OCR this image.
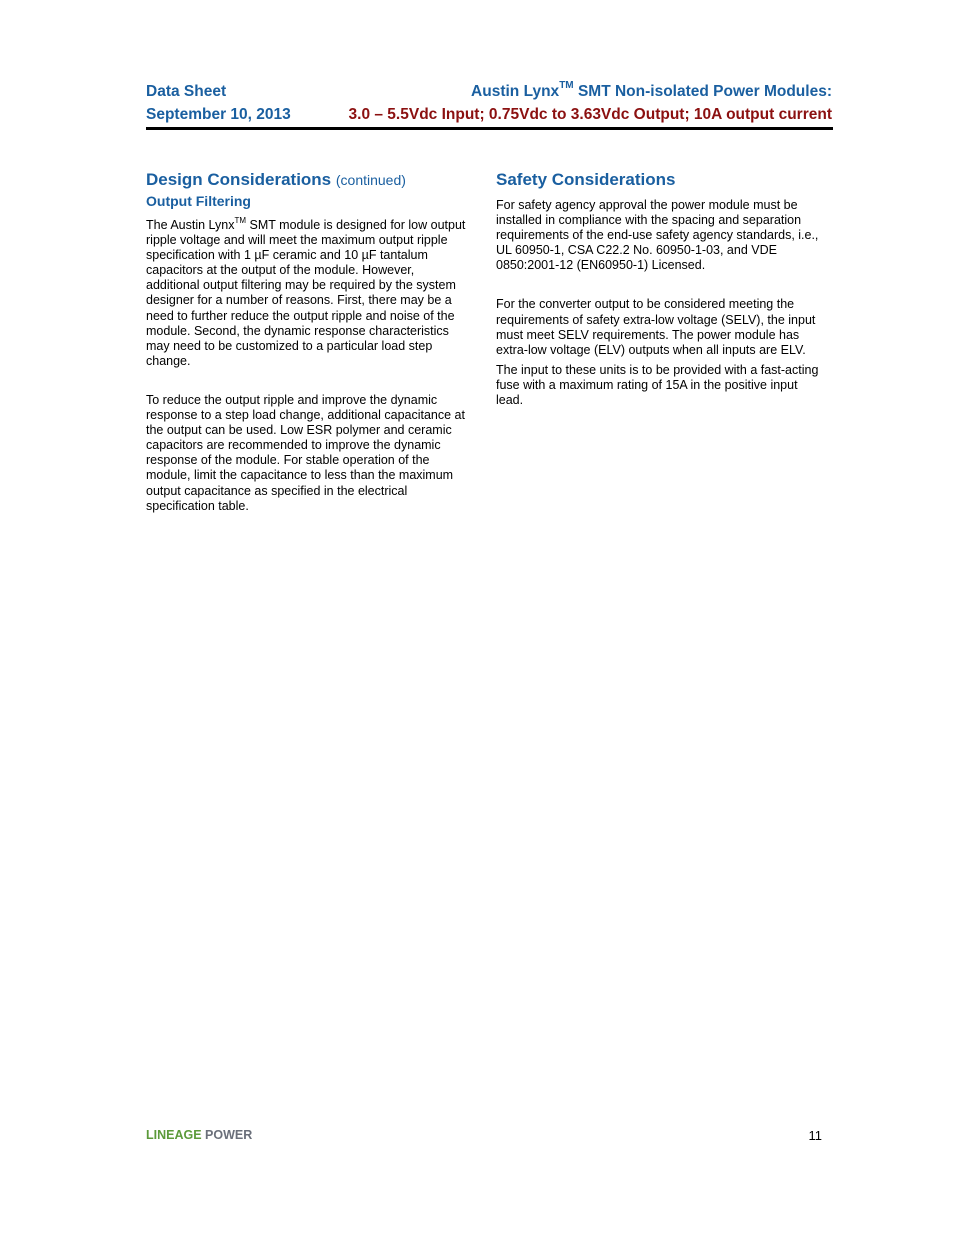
Data Sheet	Austin Lynx™ SMT Non-isolated Power Modules:
September 10, 2013	3.0 – 5.5Vdc Input; 0.75Vdc to 3.63Vdc Output; 10A output current
Design Considerations (continued)
Output Filtering

The Austin Lynx™ SMT module is designed for low output ripple voltage and will meet the maximum output ripple specification with 1 µF ceramic and 10 µF tantalum capacitors at the output of the module. However, additional output filtering may be required by the system designer for a number of reasons. First, there may be a need to further reduce the output ripple and noise of the module. Second, the dynamic response characteristics may need to be customized to a particular load step change.

To reduce the output ripple and improve the dynamic response to a step load change, additional capacitance at the output can be used. Low ESR polymer and ceramic capacitors are recommended to improve the dynamic response of the module. For stable operation of the module, limit the capacitance to less than the maximum output capacitance as specified in the electrical specification table.

Safety Considerations

For safety agency approval the power module must be installed in compliance with the spacing and separation requirements of the end-use safety agency standards, i.e., UL 60950-1, CSA C22.2 No. 60950-1-03, and VDE 0850:2001-12 (EN60950-1) Licensed.

For the converter output to be considered meeting the requirements of safety extra-low voltage (SELV), the input must meet SELV requirements. The power module has extra-low voltage (ELV) outputs when all inputs are ELV.

The input to these units is to be provided with a fast-acting fuse with a maximum rating of 15A in the positive input lead.

LINEAGE POWER	11
